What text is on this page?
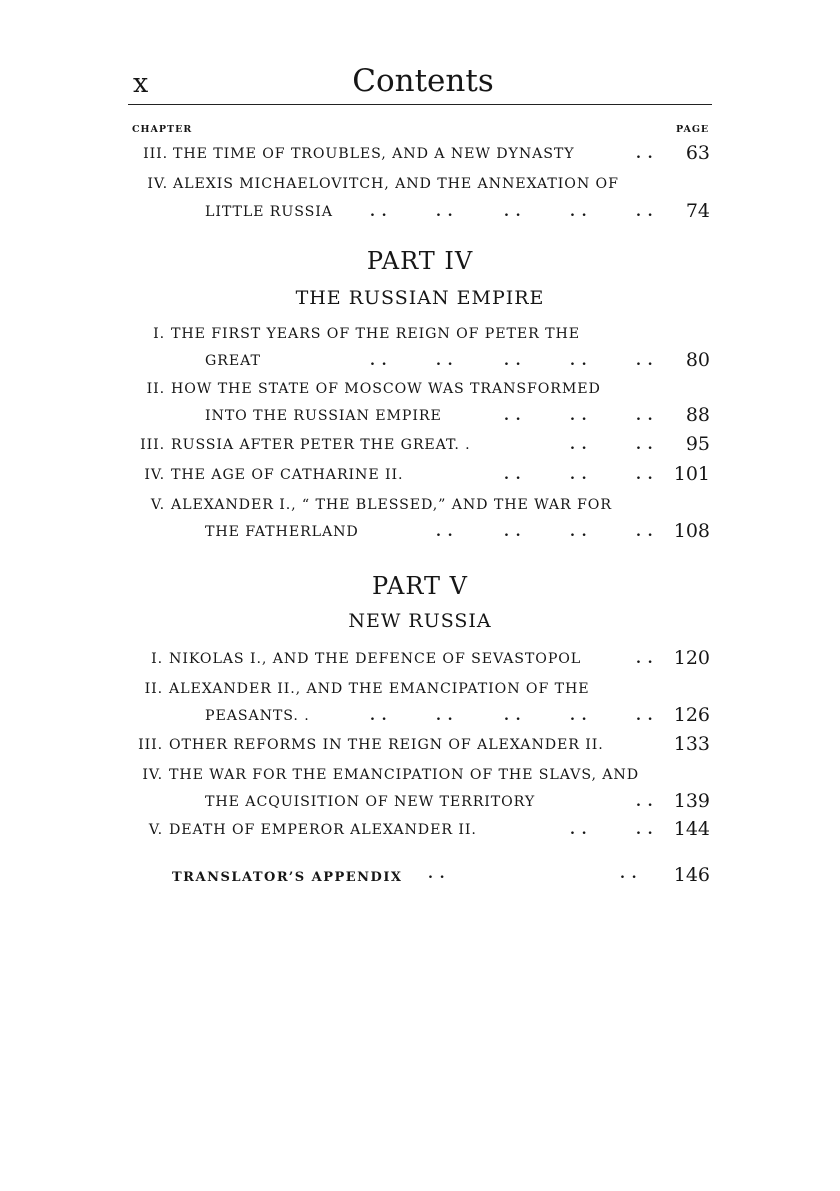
x	Contents
CHAPTER	PAGE
III. THE TIME OF TROUBLES, AND A NEW DYNASTY	. .	63
IV. ALEXIS MICHAELOVITCH, AND THE ANNEXATION OF
LITTLE RUSSIA	. .	. .	. .	. .	. .	74
PART IV
THE RUSSIAN EMPIRE
I. THE FIRST YEARS OF THE REIGN OF PETER THE
GREAT	. .	. .	. .	. .	. .	80
II. HOW THE STATE OF MOSCOW WAS TRANSFORMED
INTO THE RUSSIAN EMPIRE	. .	. .	. .	88
III. RUSSIA AFTER PETER THE GREAT. .	. .	. .	95
IV. THE AGE OF CATHARINE II.	. .	. .	. .	101
V. ALEXANDER I., “ THE BLESSED,” AND THE WAR FOR
THE FATHERLAND	. .	. .	. .	. .	108
PART V
NEW RUSSIA
I. NIKOLAS I., AND THE DEFENCE OF SEVASTOPOL	. .	120
II. ALEXANDER II., AND THE EMANCIPATION OF THE
PEASANTS. .	. .	. .	. .	. .	. .	126
III. OTHER REFORMS IN THE REIGN OF ALEXANDER II.	133
IV. THE WAR FOR THE EMANCIPATION OF THE SLAVS, AND
THE ACQUISITION OF NEW TERRITORY	. .	139
V. DEATH OF EMPEROR ALEXANDER II.	. .	. .	144
TRANSLATOR’S APPENDIX . .	. .	146
